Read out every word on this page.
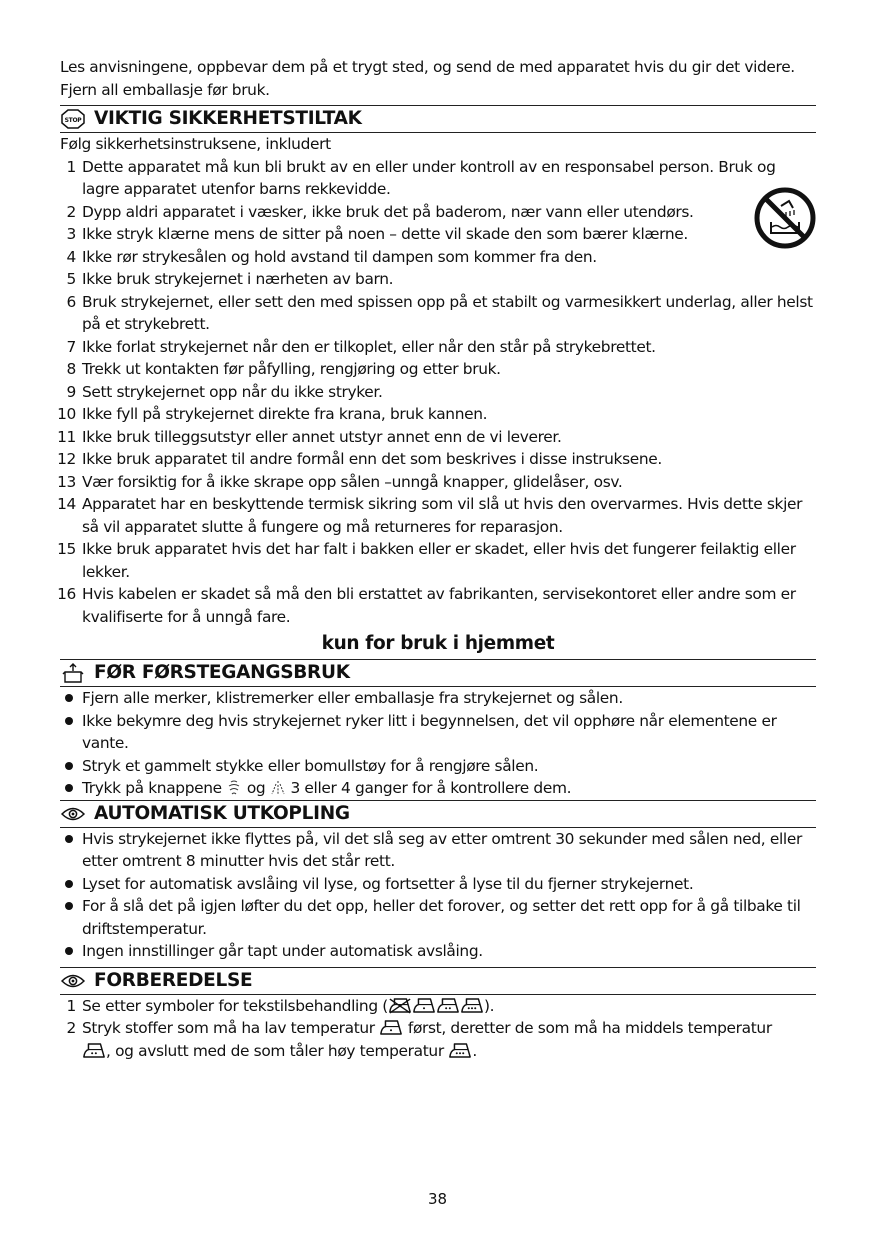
Les anvisningene, oppbevar dem på et trygt sted, og send de med apparatet hvis du gir det videre. Fjern all emballasje før bruk.

STOP VIKTIG SIKKERHETSTILTAK

Følg sikkerhetsinstruksene, inkludert

1 Dette apparatet må kun bli brukt av en eller under kontroll av en responsabel person. Bruk og lagre apparatet utenfor barns rekkevidde.
2 Dypp aldri apparatet i væsker, ikke bruk det på baderom, nær vann eller utendørs.
3 Ikke stryk klærne mens de sitter på noen – dette vil skade den som bærer klærne.
4 Ikke rør strykesålen og hold avstand til dampen som kommer fra den.
5 Ikke bruk strykejernet i nærheten av barn.
6 Bruk strykejernet, eller sett den med spissen opp på et stabilt og varmesikkert underlag, aller helst på et strykebrett.
7 Ikke forlat strykejernet når den er tilkoplet, eller når den står på strykebrettet.
8 Trekk ut kontakten før påfylling, rengjøring og etter bruk.
9 Sett strykejernet opp når du ikke stryker.
10 Ikke fyll på strykejernet direkte fra krana, bruk kannen.
11 Ikke bruk tilleggsutstyr eller annet utstyr annet enn de vi leverer.
12 Ikke bruk apparatet til andre formål enn det som beskrives i disse instruksene.
13 Vær forsiktig for å ikke skrape opp sålen –unngå knapper, glidelåser, osv.
14 Apparatet har en beskyttende termisk sikring som vil slå ut hvis den overvarmes. Hvis dette skjer så vil apparatet slutte å fungere og må returneres for reparasjon.
15 Ikke bruk apparatet hvis det har falt i bakken eller er skadet, eller hvis det fungerer feilaktig eller lekker.
16 Hvis kabelen er skadet så må den bli erstattet av fabrikanten, servisekontoret eller andre som er kvalifiserte for å unngå fare.
kun for bruk i hjemmet
FØR FØRSTEGANGSBRUK
Fjern alle merker, klistremerker eller emballasje fra strykejernet og sålen.
Ikke bekymre deg hvis strykejernet ryker litt i begynnelsen, det vil opphøre når elementene er vante.
Stryk et gammelt stykke eller bomullstøy for å rengjøre sålen.
Trykk på knappene og 3 eller 4 ganger for å kontrollere dem.
AUTOMATISK UTKOPLING
Hvis strykejernet ikke flyttes på, vil det slå seg av etter omtrent 30 sekunder med sålen ned, eller etter omtrent 8 minutter hvis det står rett.
Lyset for automatisk avslåing vil lyse, og fortsetter å lyse til du fjerner strykejernet.
For å slå det på igjen løfter du det opp, heller det forover, og setter det rett opp for å gå tilbake til driftstemperatur.
Ingen innstillinger går tapt under automatisk avslåing.
FORBEREDELSE
1 Se etter symboler for tekstilsbehandling (	).
2 Stryk stoffer som må ha lav temperatur først, deretter de som må ha middels temperatur
, og avslutt med de som tåler høy temperatur .
38
